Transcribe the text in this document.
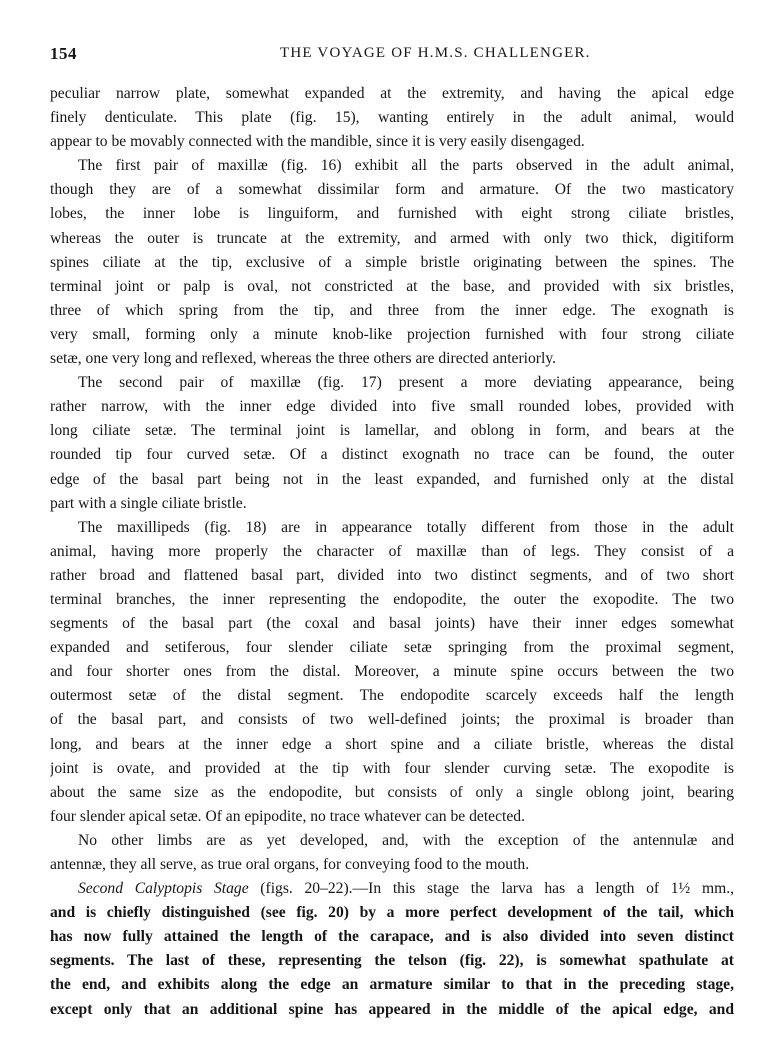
154	THE VOYAGE OF H.M.S. CHALLENGER.
peculiar narrow plate, somewhat expanded at the extremity, and having the apical edge
finely denticulate. This plate (fig. 15), wanting entirely in the adult animal, would
appear to be movably connected with the mandible, since it is very easily disengaged.
The first pair of maxillæ (fig. 16) exhibit all the parts observed in the adult animal,
though they are of a somewhat dissimilar form and armature. Of the two masticatory
lobes, the inner lobe is linguiform, and furnished with eight strong ciliate bristles,
whereas the outer is truncate at the extremity, and armed with only two thick, digitiform
spines ciliate at the tip, exclusive of a simple bristle originating between the spines. The
terminal joint or palp is oval, not constricted at the base, and provided with six bristles,
three of which spring from the tip, and three from the inner edge. The exognath is
very small, forming only a minute knob-like projection furnished with four strong ciliate
setæ, one very long and reflexed, whereas the three others are directed anteriorly.
The second pair of maxillæ (fig. 17) present a more deviating appearance, being
rather narrow, with the inner edge divided into five small rounded lobes, provided with
long ciliate setæ. The terminal joint is lamellar, and oblong in form, and bears at the
rounded tip four curved setæ. Of a distinct exognath no trace can be found, the outer
edge of the basal part being not in the least expanded, and furnished only at the distal
part with a single ciliate bristle.
The maxillipeds (fig. 18) are in appearance totally different from those in the adult
animal, having more properly the character of maxillæ than of legs. They consist of a
rather broad and flattened basal part, divided into two distinct segments, and of two short
terminal branches, the inner representing the endopodite, the outer the exopodite. The two
segments of the basal part (the coxal and basal joints) have their inner edges somewhat
expanded and setiferous, four slender ciliate setæ springing from the proximal segment,
and four shorter ones from the distal. Moreover, a minute spine occurs between the two
outermost setæ of the distal segment. The endopodite scarcely exceeds half the length
of the basal part, and consists of two well-defined joints; the proximal is broader than
long, and bears at the inner edge a short spine and a ciliate bristle, whereas the distal
joint is ovate, and provided at the tip with four slender curving setæ. The exopodite is
about the same size as the endopodite, but consists of only a single oblong joint, bearing
four slender apical setæ. Of an epipodite, no trace whatever can be detected.
No other limbs are as yet developed, and, with the exception of the antennulæ and
antennæ, they all serve, as true oral organs, for conveying food to the mouth.
Second Calyptopis Stage (figs. 20–22).—In this stage the larva has a length of 1½ mm.,
and is chiefly distinguished (see fig. 20) by a more perfect development of the tail, which
has now fully attained the length of the carapace, and is also divided into seven distinct
segments. The last of these, representing the telson (fig. 22), is somewhat spathulate at
the end, and exhibits along the edge an armature similar to that in the preceding stage,
except only that an additional spine has appeared in the middle of the apical edge, and
